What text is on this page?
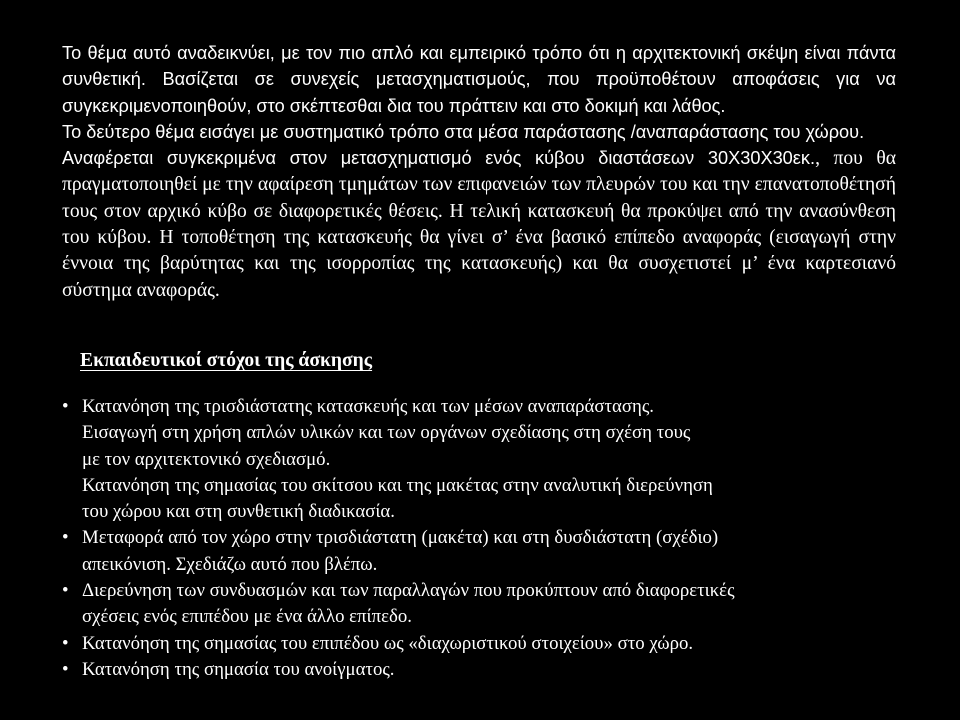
Το θέμα αυτό αναδεικνύει, με τον πιο απλό και εμπειρικό τρόπο ότι η αρχιτεκτονική σκέψη είναι πάντα συνθετική. Βασίζεται σε συνεχείς μετασχηματισμούς, που προϋποθέτουν αποφάσεις για να συγκεκριμενοποιηθούν, στο σκέπτεσθαι δια του πράττειν και στο δοκιμή και λάθος.

Το δεύτερο θέμα εισάγει με συστηματικό τρόπο στα μέσα παράστασης /αναπαράστασης του χώρου.

Αναφέρεται συγκεκριμένα στον μετασχηματισμό ενός κύβου διαστάσεων 30Χ30Χ30εκ., που θα πραγματοποιηθεί με την αφαίρεση τμημάτων των επιφανειών των πλευρών του και την επανατοποθέτησή τους στον αρχικό κύβο σε διαφορετικές θέσεις. Η τελική κατασκευή θα προκύψει από την ανασύνθεση του κύβου. Η τοποθέτηση της κατασκευής θα γίνει σ’ ένα βασικό επίπεδο αναφοράς (εισαγωγή στην έννοια της βαρύτητας και της ισορροπίας της κατασκευής) και θα συσχετιστεί μ’ ένα καρτεσιανό σύστημα αναφοράς.

Εκπαιδευτικοί στόχοι της άσκησης
• Κατανόηση της τρισδιάστατης κατασκευής και των μέσων αναπαράστασης.
Εισαγωγή στη χρήση απλών υλικών και των οργάνων σχεδίασης στη σχέση τους
με τον αρχιτεκτονικό σχεδιασμό.
Κατανόηση της σημασίας του σκίτσου και της μακέτας στην αναλυτική διερεύνηση
του χώρου και στη συνθετική διαδικασία.
• Μεταφορά από τον χώρο στην τρισδιάστατη (μακέτα) και στη δυσδιάστατη (σχέδιο)
απεικόνιση. Σχεδιάζω αυτό που βλέπω.
• Διερεύνηση των συνδυασμών και των παραλλαγών που προκύπτουν από διαφορετικές
σχέσεις ενός επιπέδου με ένα άλλο επίπεδο.
• Κατανόηση της σημασίας του επιπέδου ως «διαχωριστικού στοιχείου» στο χώρο.
• Κατανόηση της σημασία του ανοίγματος.
